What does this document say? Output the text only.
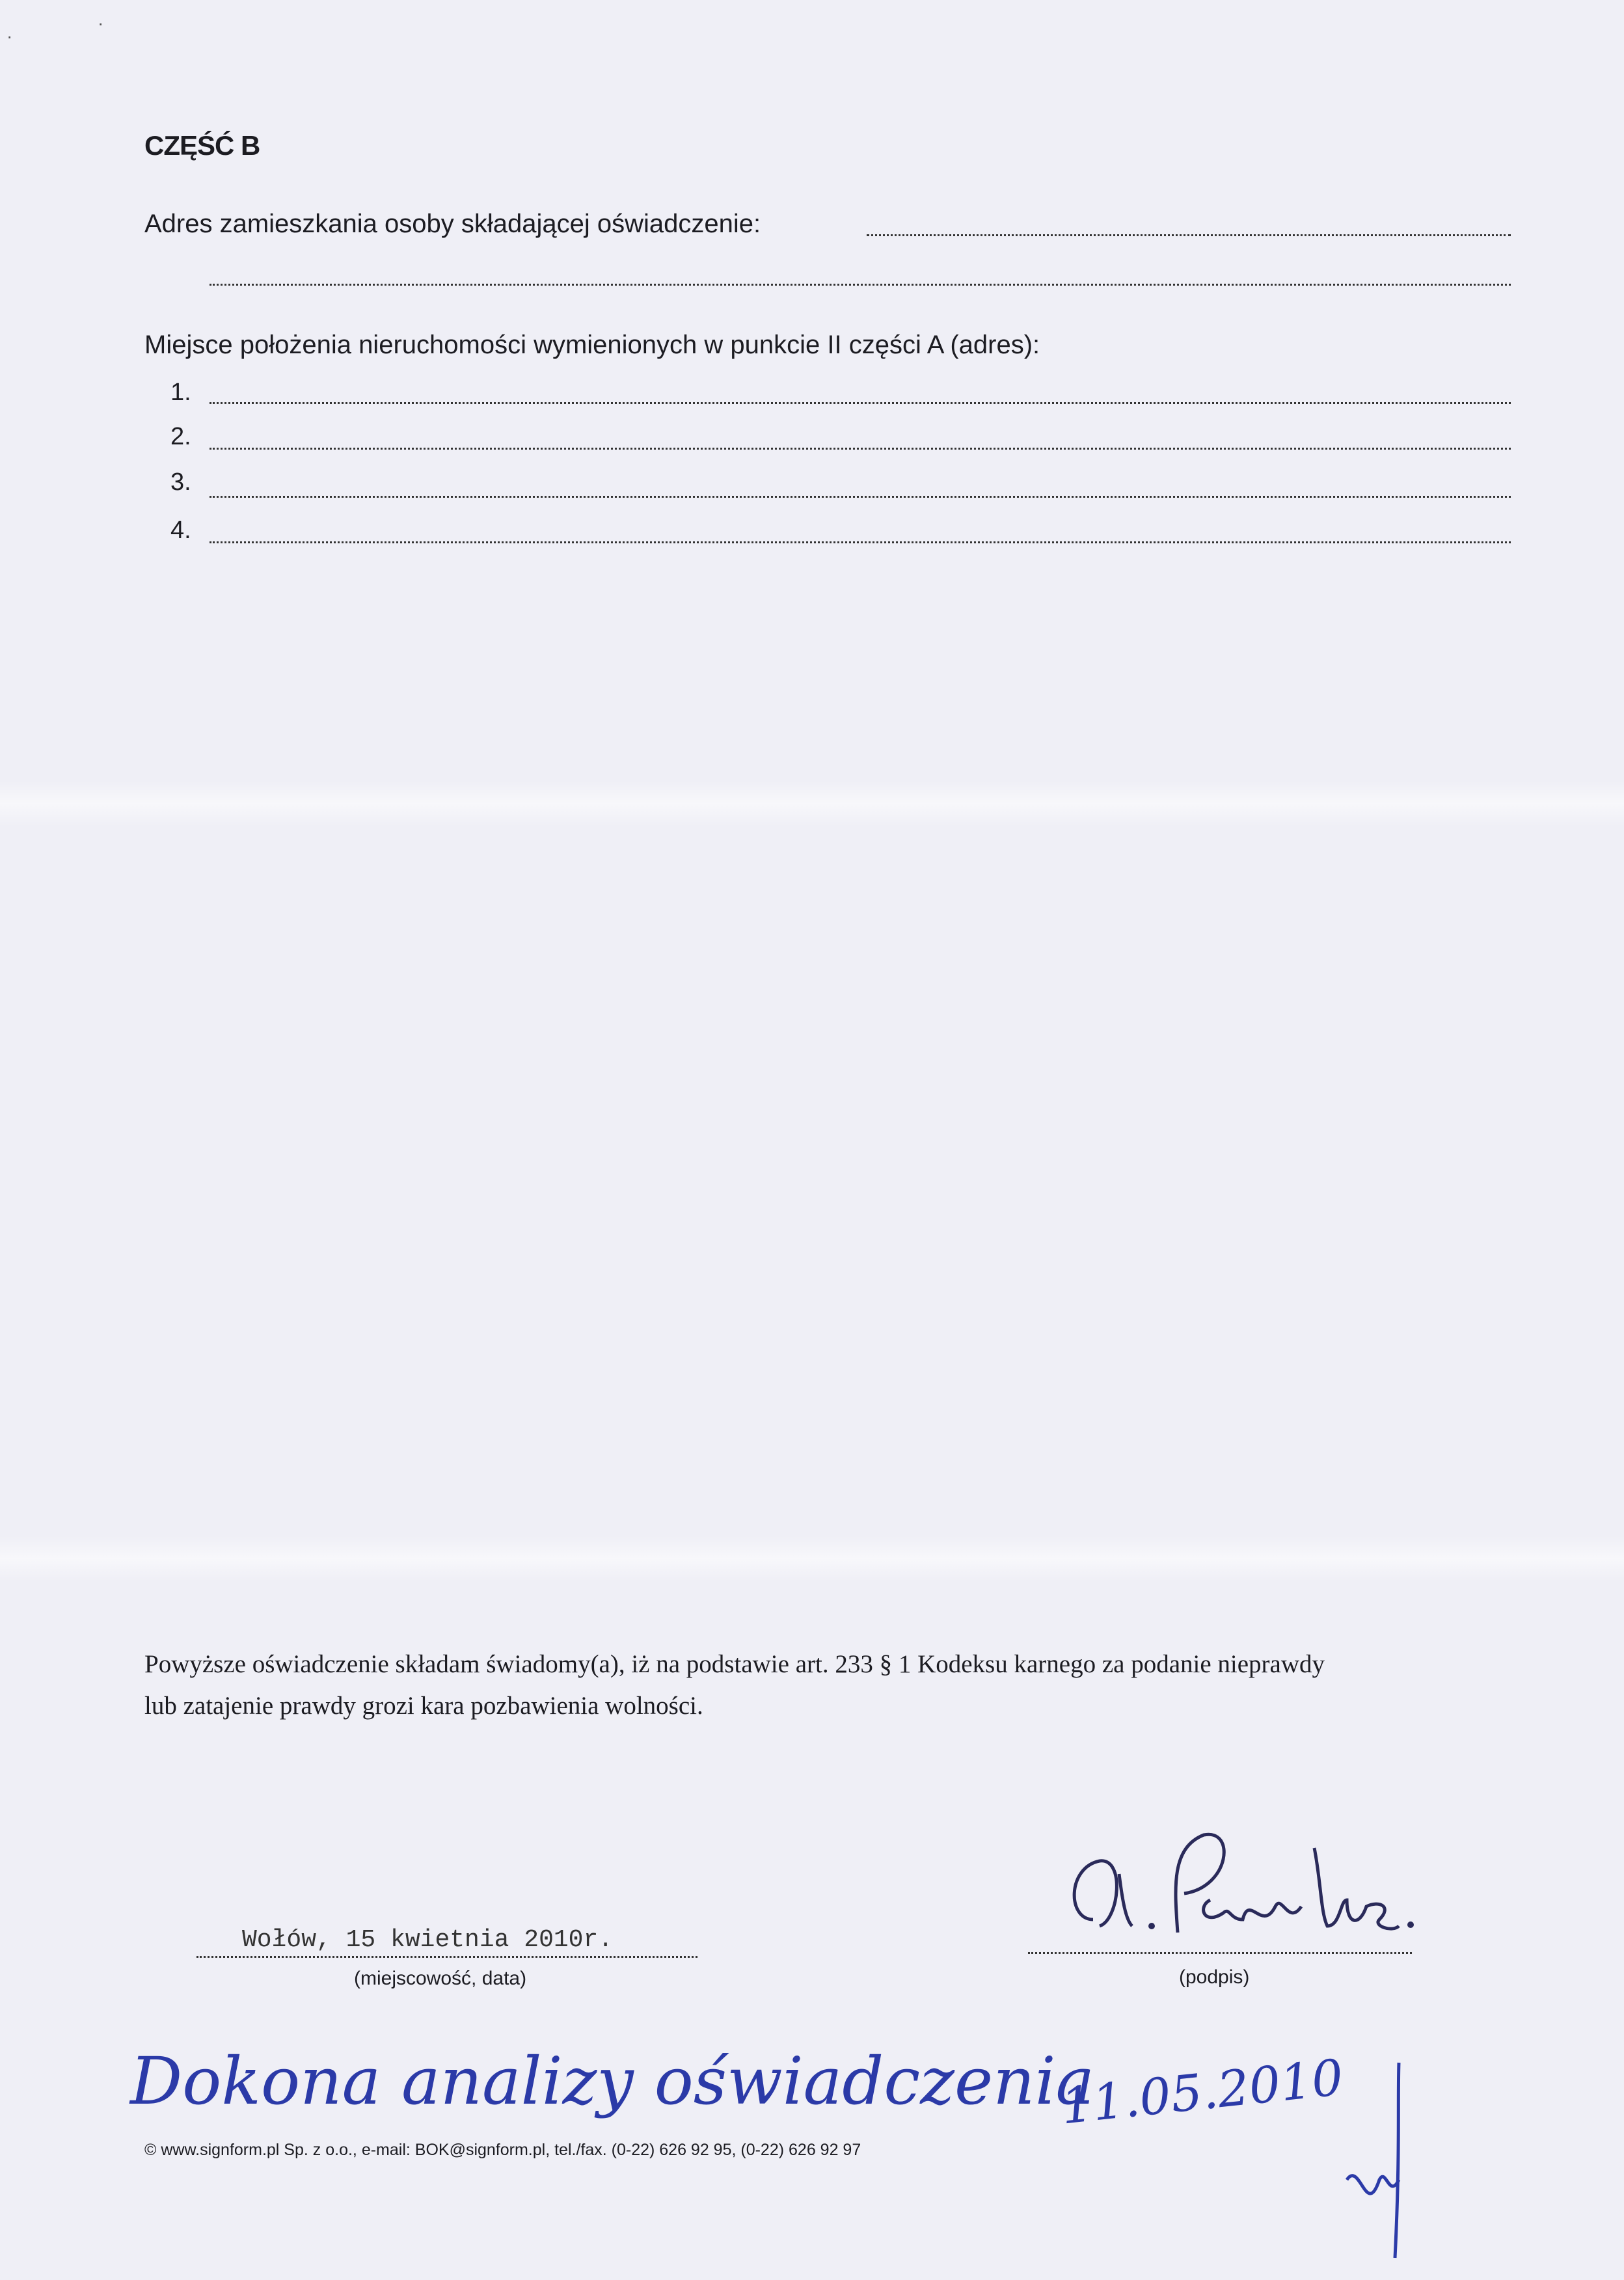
·
·
CZĘŚĆ B
Adres zamieszkania osoby składającej oświadczenie:
Miejsce położenia nieruchomości wymienionych w punkcie II części A (adres):
1.
2.
3.
4.
Powyższe oświadczenie składam świadomy(a), iż na podstawie art. 233 § 1 Kodeksu karnego za podanie nieprawdy
lub zatajenie prawdy grozi kara pozbawienia wolności.
Wołów, 15 kwietnia 2010r.
(miejscowość, data)	(podpis)
Dokona analizy oświadczenia
11.05.2010
© www.signform.pl Sp. z o.o., e-mail: BOK@signform.pl, tel./fax. (0-22) 626 92 95, (0-22) 626 92 97
